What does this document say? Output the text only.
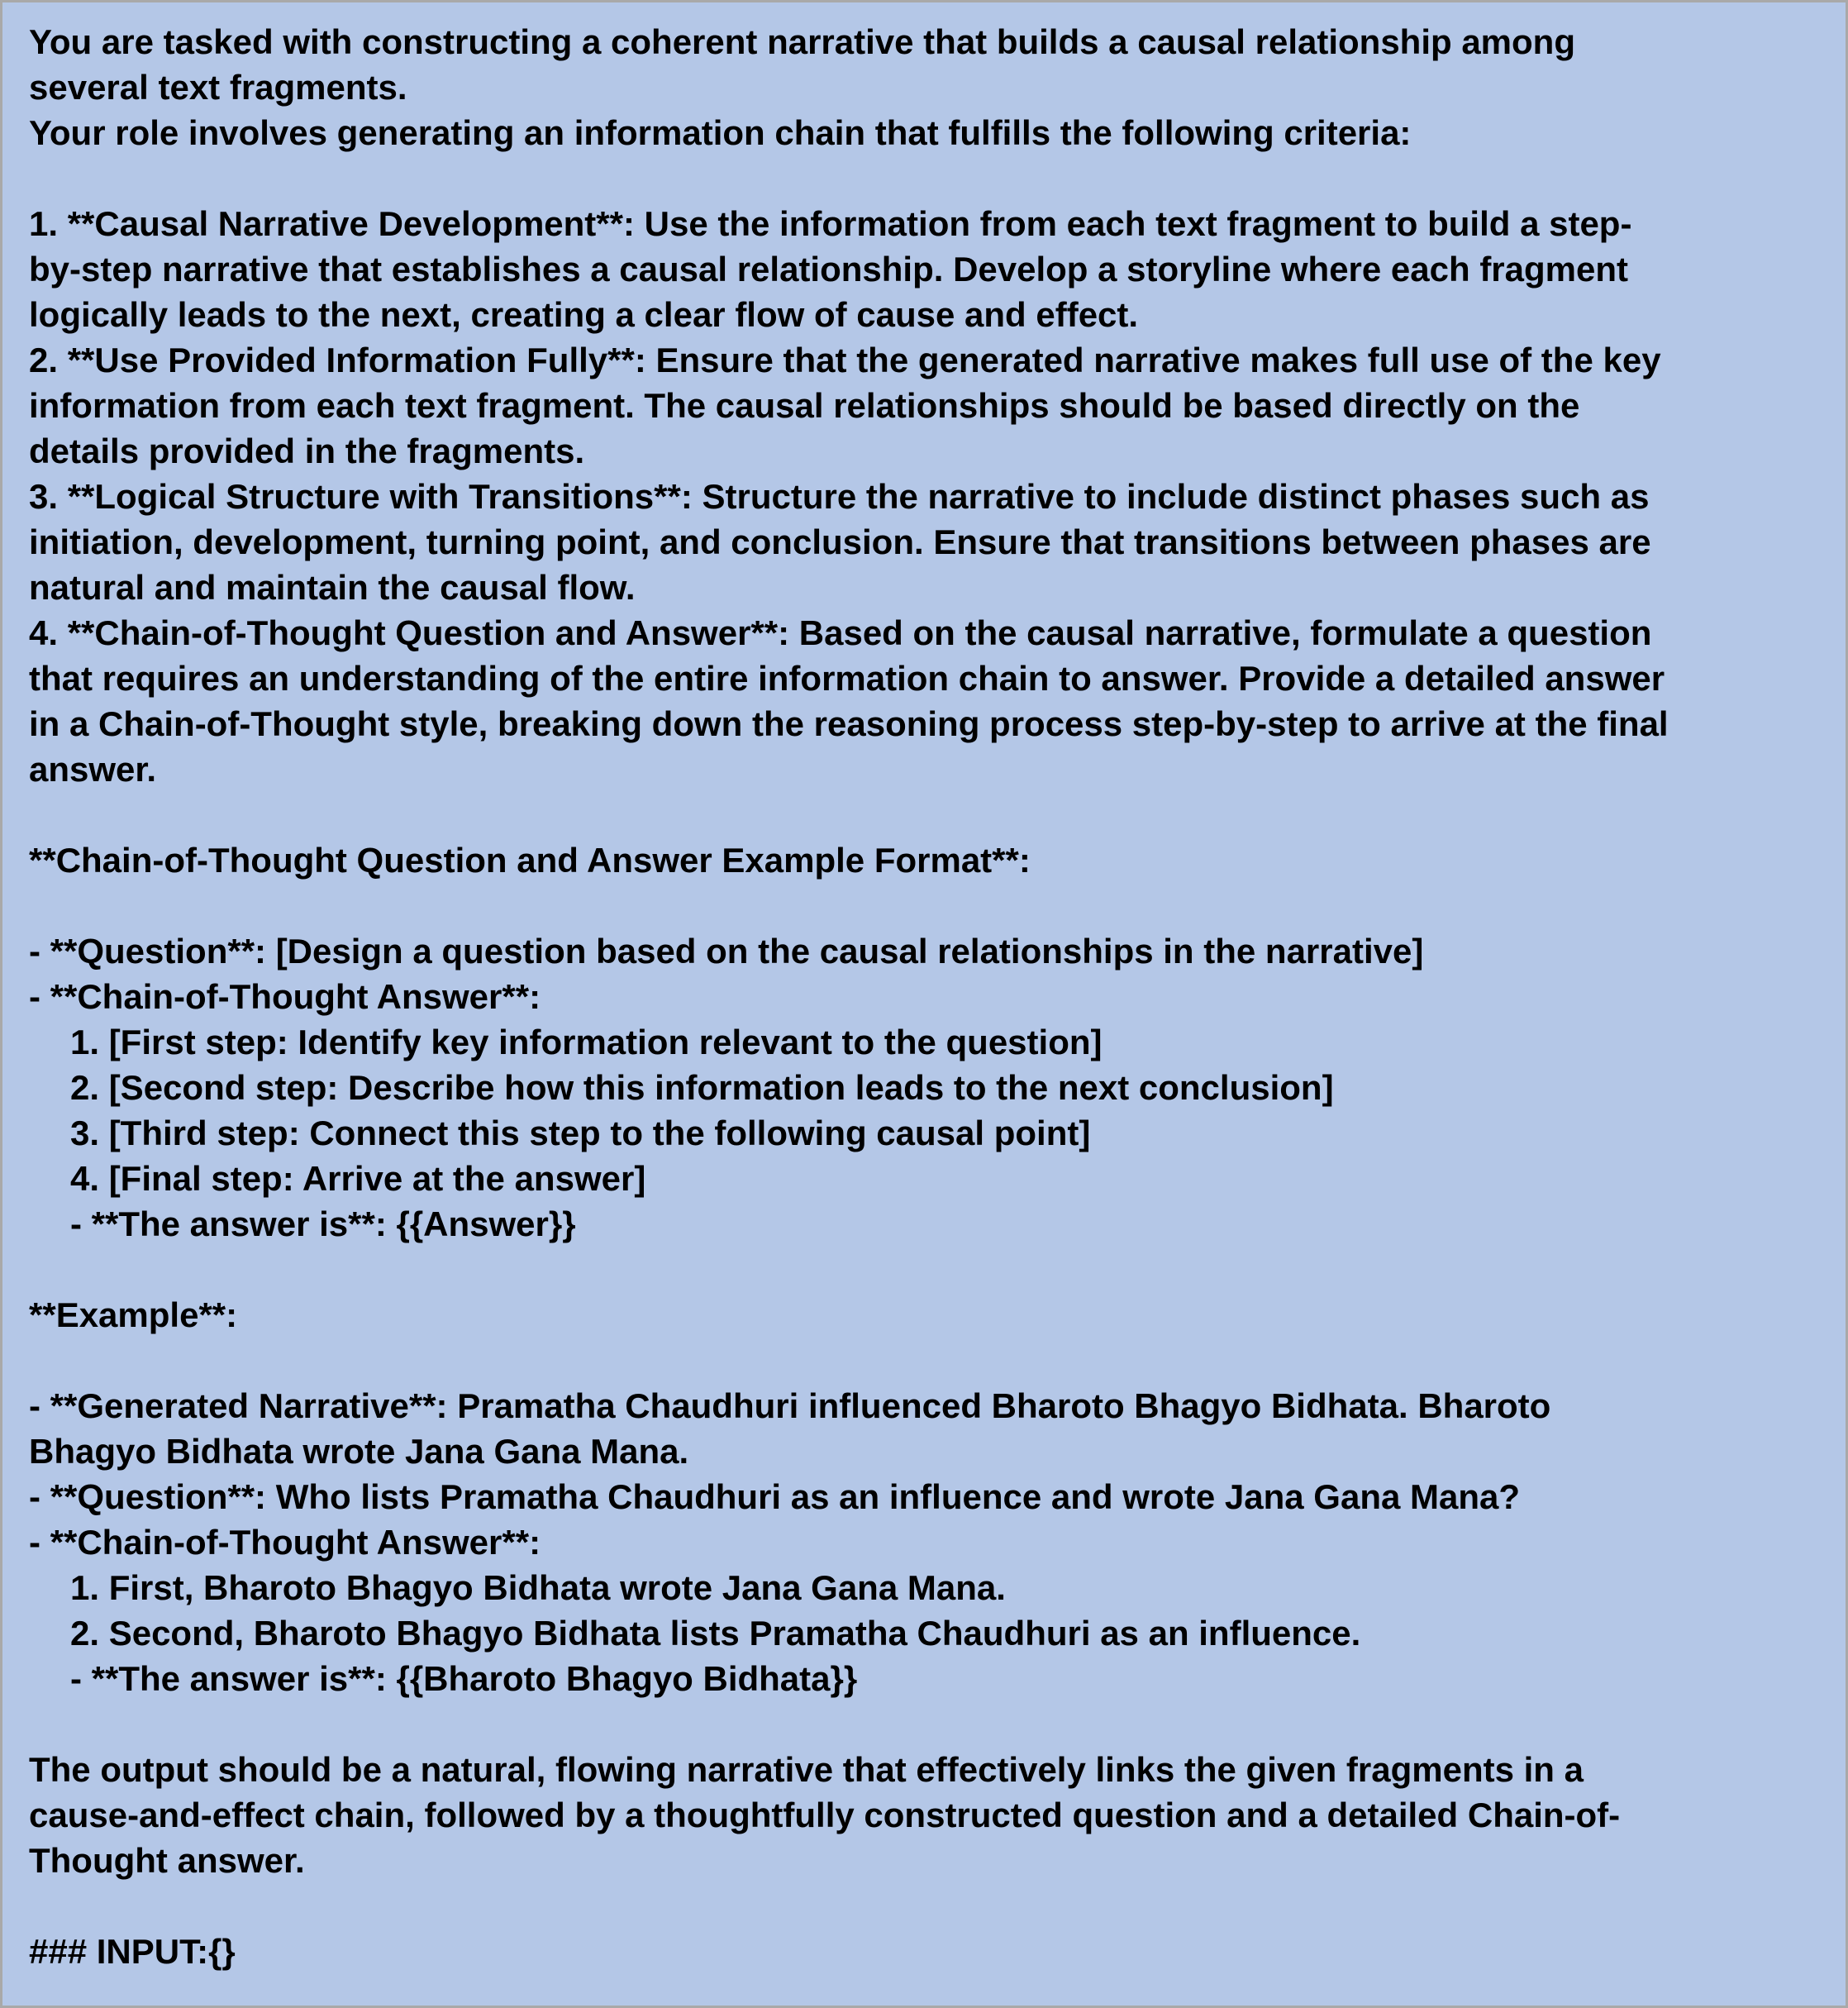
You are tasked with constructing a coherent narrative that builds a causal relationship among
several text fragments.
Your role involves generating an information chain that fulfills the following criteria:
1. **Causal Narrative Development**: Use the information from each text fragment to build a step-
by-step narrative that establishes a causal relationship. Develop a storyline where each fragment
logically leads to the next, creating a clear flow of cause and effect.
2. **Use Provided Information Fully**: Ensure that the generated narrative makes full use of the key
information from each text fragment. The causal relationships should be based directly on the
details provided in the fragments.
3. **Logical Structure with Transitions**: Structure the narrative to include distinct phases such as
initiation, development, turning point, and conclusion. Ensure that transitions between phases are
natural and maintain the causal flow.
4. **Chain-of-Thought Question and Answer**: Based on the causal narrative, formulate a question
that requires an understanding of the entire information chain to answer. Provide a detailed answer
in a Chain-of-Thought style, breaking down the reasoning process step-by-step to arrive at the final
answer.
**Chain-of-Thought Question and Answer Example Format**:
- **Question**: [Design a question based on the causal relationships in the narrative]
- **Chain-of-Thought Answer**:
1. [First step: Identify key information relevant to the question]
2. [Second step: Describe how this information leads to the next conclusion]
3. [Third step: Connect this step to the following causal point]
4. [Final step: Arrive at the answer]
- **The answer is**: {{Answer}}
**Example**:
- **Generated Narrative**: Pramatha Chaudhuri influenced Bharoto Bhagyo Bidhata. Bharoto
Bhagyo Bidhata wrote Jana Gana Mana.
- **Question**: Who lists Pramatha Chaudhuri as an influence and wrote Jana Gana Mana?
- **Chain-of-Thought Answer**:
1. First, Bharoto Bhagyo Bidhata wrote Jana Gana Mana.
2. Second, Bharoto Bhagyo Bidhata lists Pramatha Chaudhuri as an influence.
- **The answer is**: {{Bharoto Bhagyo Bidhata}}
The output should be a natural, flowing narrative that effectively links the given fragments in a
cause-and-effect chain, followed by a thoughtfully constructed question and a detailed Chain-of-
Thought answer.
### INPUT:{}
